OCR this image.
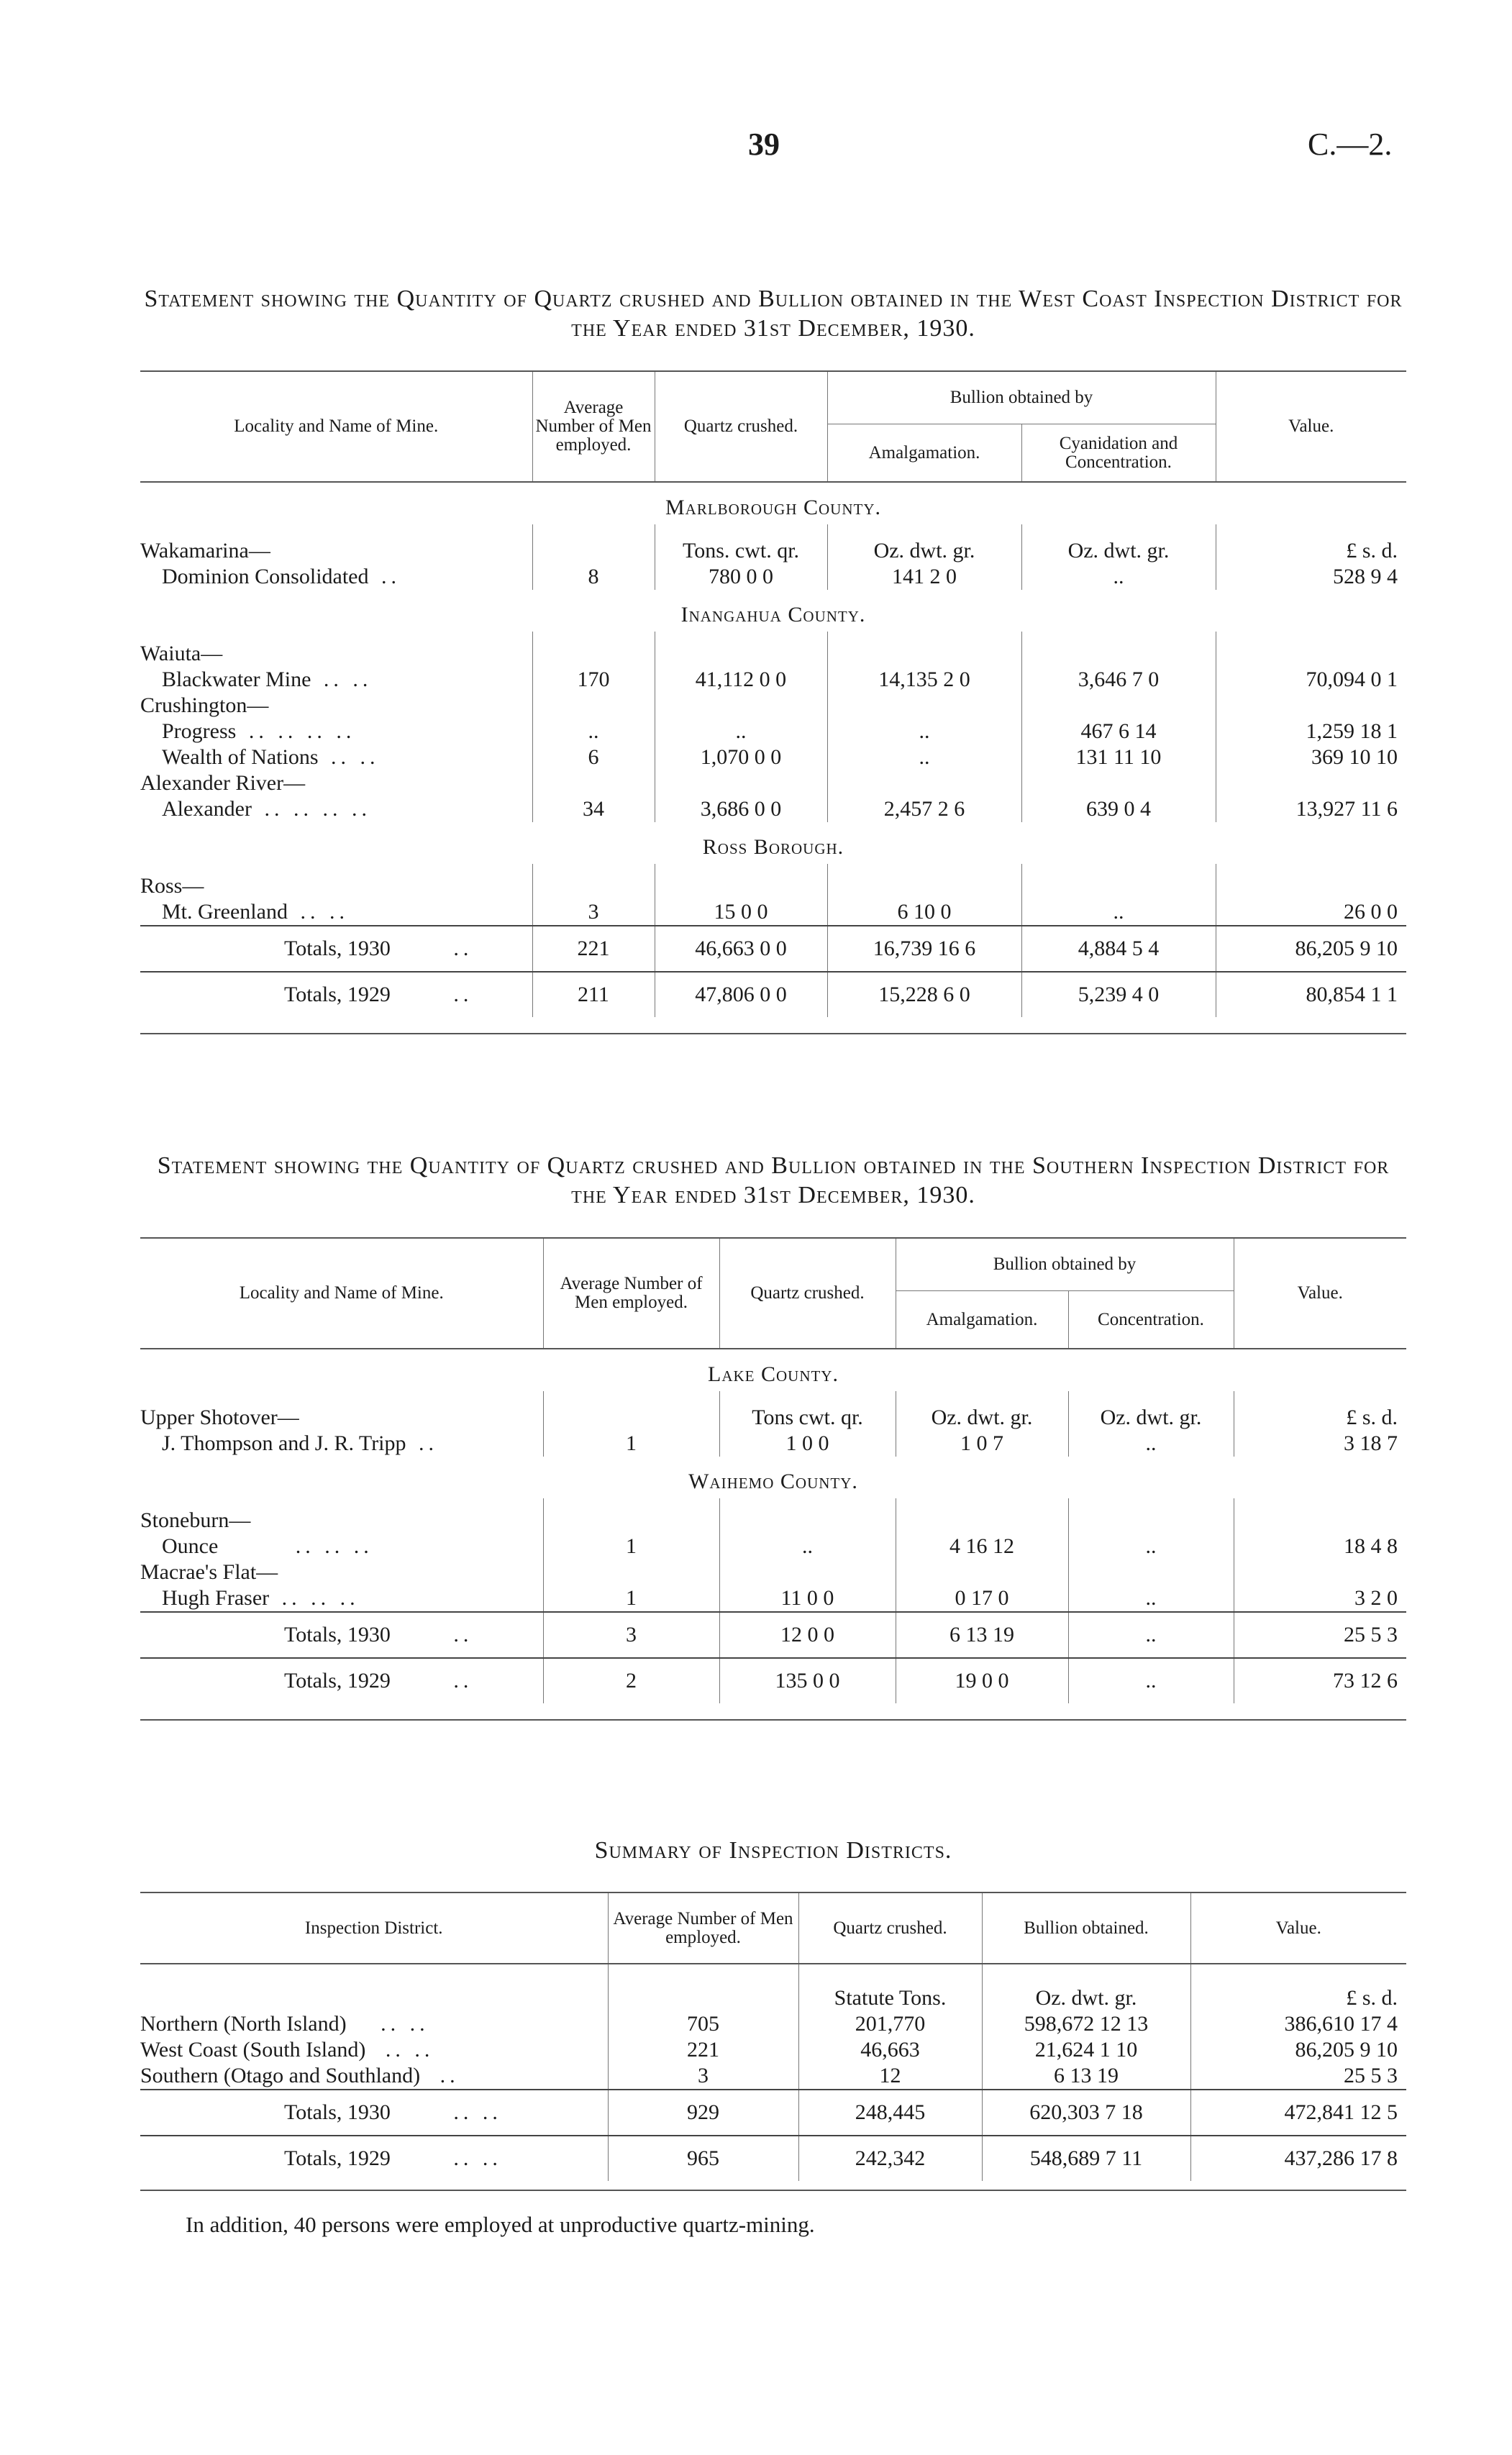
39	C.—2.
Statement showing the Quantity of Quartz crushed and Bullion obtained in the West Coast Inspection District for the Year ended 31st December, 1930.
Locality and Name of Mine.	Average Number of Men employed.	Quartz crushed.	Bullion obtained by		Value.
			Amalgamation.	Cyanidation and Concentration.	
Marlborough County.					
Wakamarina—		Tons. cwt. qr.	Oz. dwt. gr.	Oz. dwt. gr.	£ s. d.
Dominion Consolidated ..	8	780 0 0	141 2 0	..	528 9 4
Inangahua County.					
Waiuta—					
Blackwater Mine .. ..	170	41,112 0 0	14,135 2 0	3,646 7 0	70,094 0 1
Crushington—					
Progress .. .. .. ..	..	..	..	467 6 14	1,259 18 1
Wealth of Nations .. ..	6	1,070 0 0	..	131 11 10	369 10 10
Alexander River—					
Alexander .. .. .. ..	34	3,686 0 0	2,457 2 6	639 0 4	13,927 11 6
Ross Borough.					
Ross—					
Mt. Greenland .. ..	3	15 0 0	6 10 0	..	26 0 0
Totals, 1930 ..	221	46,663 0 0	16,739 16 6	4,884 5 4	86,205 9 10
Totals, 1929 ..	211	47,806 0 0	15,228 6 0	5,239 4 0	80,854 1 1

Statement showing the Quantity of Quartz crushed and Bullion obtained in the Southern Inspection District for the Year ended 31st December, 1930.
Locality and Name of Mine.	Average Number of Men employed.	Quartz crushed.	Bullion obtained by		Value.
			Amalgamation.	Concentration.	
Lake County.					
Upper Shotover—		Tons cwt. qr.	Oz. dwt. gr.	Oz. dwt. gr.	£ s. d.
J. Thompson and J. R. Tripp ..	1	1 0 0	1 0 7	..	3 18 7
Waihemo County.					
Stoneburn—					
Ounce .. .. ..	1	..	4 16 12	..	18 4 8
Macrae's Flat—					
Hugh Fraser .. .. ..	1	11 0 0	0 17 0	..	3 2 0
Totals, 1930 ..	3	12 0 0	6 13 19	..	25 5 3
Totals, 1929 ..	2	135 0 0	19 0 0	..	73 12 6

Summary of Inspection Districts.
Inspection District.	Average Number of Men employed.	Quartz crushed.	Bullion obtained.	Value.
		Statute Tons.	Oz. dwt. gr.	£ s. d.
Northern (North Island) .. ..	705	201,770	598,672 12 13	386,610 17 4
West Coast (South Island) .. ..	221	46,663	21,624 1 10	86,205 9 10
Southern (Otago and Southland) ..	3	12	6 13 19	25 5 3
Totals, 1930 .. ..	929	248,445	620,303 7 18	472,841 12 5
Totals, 1929 .. ..	965	242,342	548,689 7 11	437,286 17 8

In addition, 40 persons were employed at unproductive quartz-mining.
